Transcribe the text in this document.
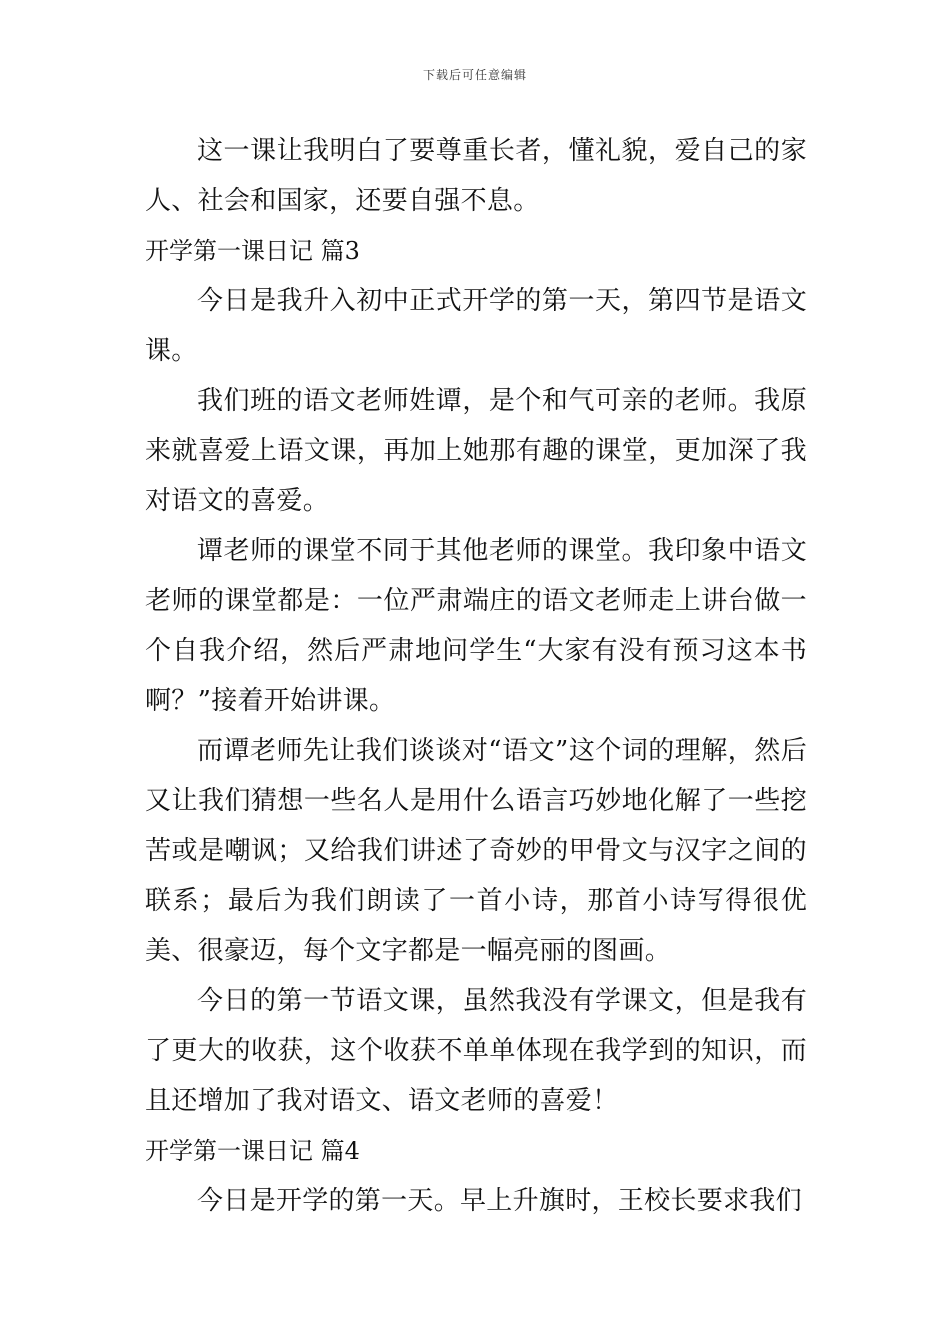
下载后可任意编辑

这一课让我明白了要尊重长者，懂礼貌，爱自己的家人、社会和国家，还要自强不息。

开学第一课日记 篇3

今日是我升入初中正式开学的第一天，第四节是语文课。

我们班的语文老师姓谭，是个和气可亲的老师。我原来就喜爱上语文课，再加上她那有趣的课堂，更加深了我对语文的喜爱。

谭老师的课堂不同于其他老师的课堂。我印象中语文老师的课堂都是：一位严肃端庄的语文老师走上讲台做一个自我介绍，然后严肃地问学生“大家有没有预习这本书啊？”接着开始讲课。

而谭老师先让我们谈谈对“语文”这个词的理解，然后又让我们猜想一些名人是用什么语言巧妙地化解了一些挖苦或是嘲讽；又给我们讲述了奇妙的甲骨文与汉字之间的联系；最后为我们朗读了一首小诗，那首小诗写得很优美、很豪迈，每个文字都是一幅亮丽的图画。

今日的第一节语文课，虽然我没有学课文，但是我有了更大的收获，这个收获不单单体现在我学到的知识，而且还增加了我对语文、语文老师的喜爱！

开学第一课日记 篇4

今日是开学的第一天。早上升旗时，王校长要求我们
